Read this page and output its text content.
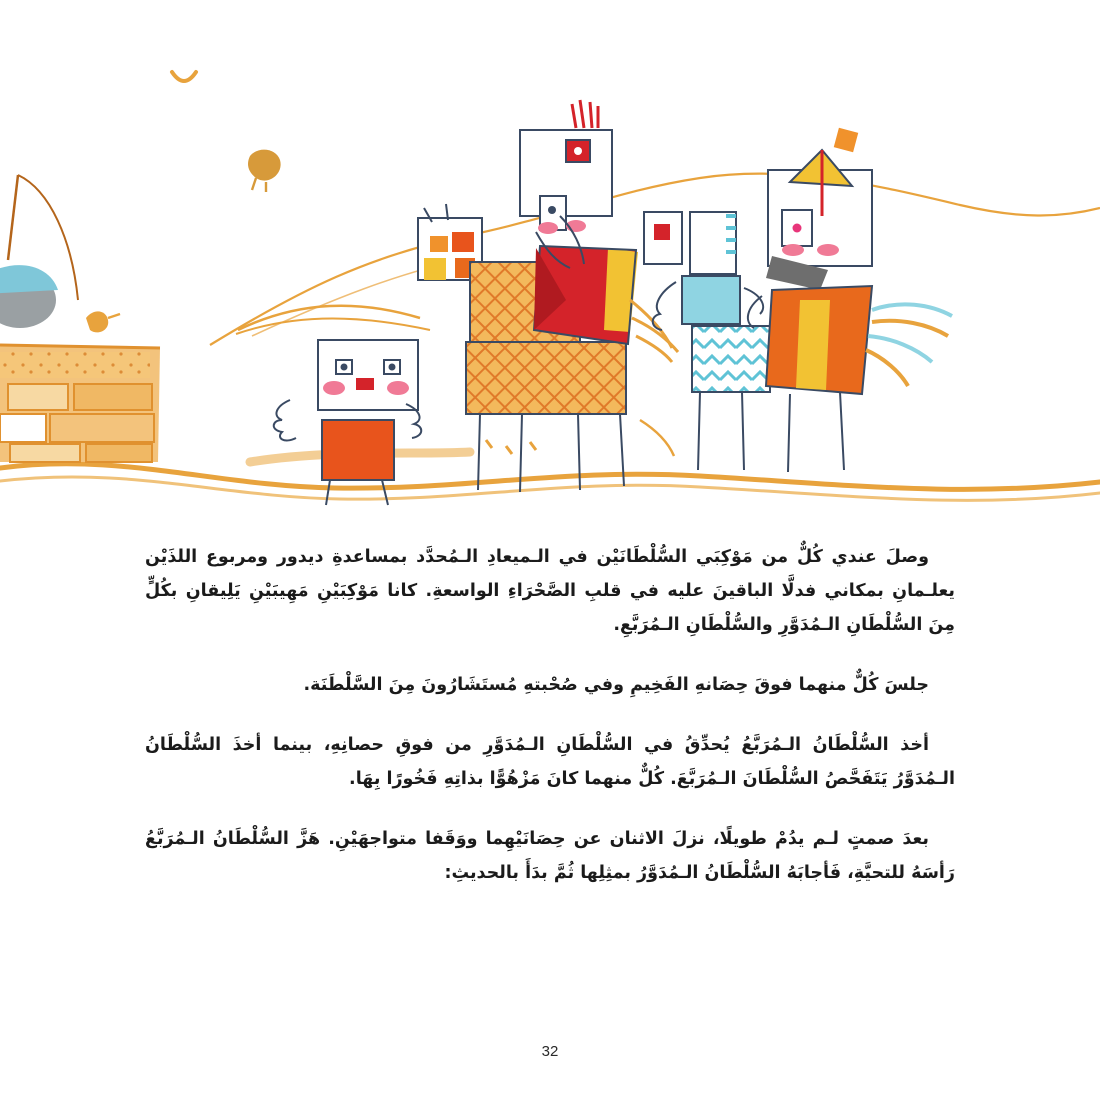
وصلَ عندي كُلٌّ من مَوْكِبَي السُّلْطَانَيْن في الـميعادِ الـمُحدَّد بمساعدةِ ديدور ومربوع اللذَيْن يعلـمانِ بمكاني فدلَّا الباقينَ عليه في قلبِ الصَّحْرَاءِ الواسعةِ. كانا مَوْكِبَيْنِ مَهِيبَيْنِ يَلِيقانِ بكُلٍّ مِنَ السُّلْطَانِ الـمُدَوَّرِ والسُّلْطَانِ الـمُرَبَّعِ.

جلسَ كُلٌّ منهما فوقَ حِصَانهِ الفَخِيمِ وفي صُحْبتهِ مُستَشَارُونَ مِنَ السَّلْطَنَة.

أخذ السُّلْطَانُ الـمُرَبَّعُ يُحدِّقُ في السُّلْطَانِ الـمُدَوَّرِ من فوقِ حصانِهِ، بينما أخذَ السُّلْطَانُ الـمُدَوَّرُ يَتَفَحَّصُ السُّلْطَانَ الـمُرَبَّعَ. كُلٌّ منهما كانَ مَزْهُوًّا بذاتِهِ فَخُورًا بِهَا.

بعدَ صمتٍ لـم يدُمْ طويلًا، نزلَ الاثنان عن حِصَانَيْهِما ووَقَفا متواجهَيْنِ. هَزَّ السُّلْطَانُ الـمُرَبَّعُ رَأسَهُ للتحيَّةِ، فَأجابَهُ السُّلْطَانُ الـمُدَوَّرُ بمثِلِها ثُمَّ بدَأَ بالحديثِ:

32
